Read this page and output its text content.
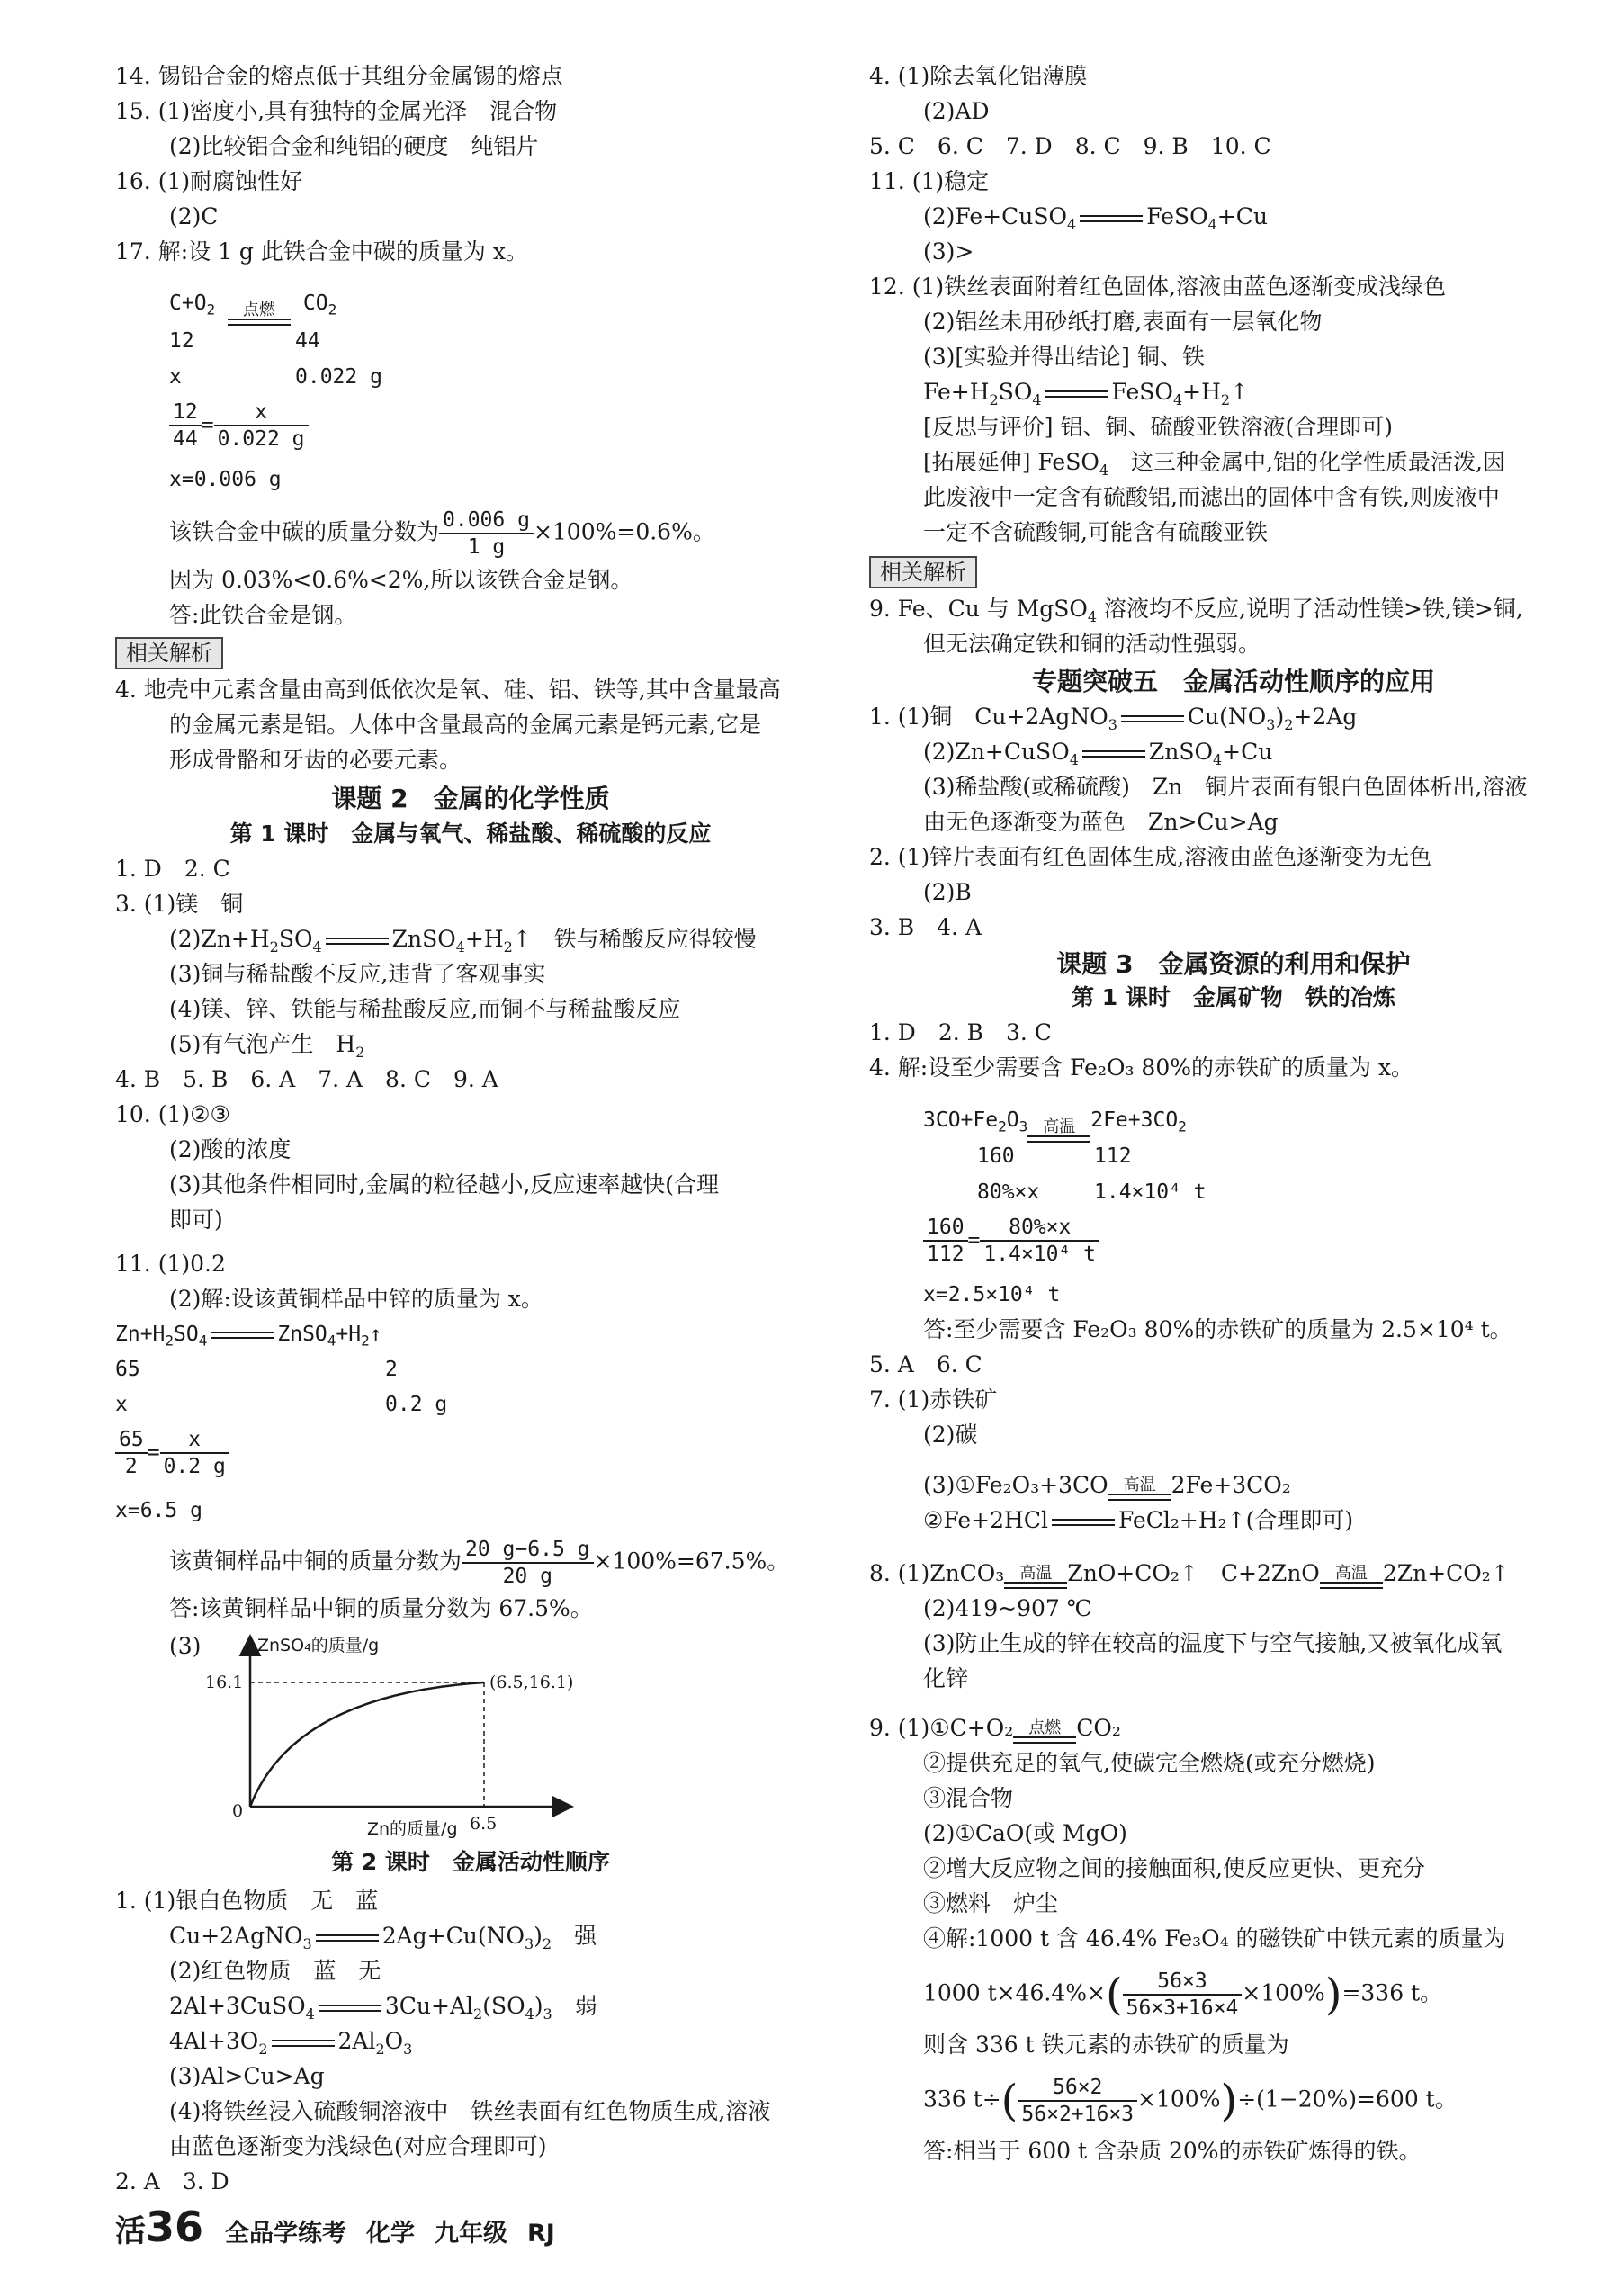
14. 锡铅合金的熔点低于其组分金属锡的熔点
15. (1)密度小,具有独特的金属光泽　混合物
(2)比较铝合金和纯铝的硬度　纯铝片
16. (1)耐腐蚀性好
(2)C
17. 解:设 1 g 此铁合金中碳的质量为 x。
$C+O_2$	点燃	$CO_2$
12	44
x	0.022 g
$\frac{12}{44} = \frac{x}{0.022 g}$
x=0.006 g
该铁合金中碳的质量分数为 $\frac{0.006 g}{1 g} \times 100\%=0.6\%$。
因为 0.03%<0.6%<2%,所以该铁合金是钢。
答:此铁合金是钢。
相关解析
4. 地壳中元素含量由高到低依次是氧、硅、铝、铁等,其中含量最高
的金属元素是铝。人体中含量最高的金属元素是钙元素,它是
形成骨骼和牙齿的必要元素。
课题 2　金属的化学性质
第 1 课时　金属与氧气、稀盐酸、稀硫酸的反应
1. D　2. C
3. (1)镁　铜
$(2)Zn+H_2SO_4$	$ZnSO_4+H_2↑$　铁与稀酸反应得较慢
(3)铜与稀盐酸不反应,违背了客观事实
(4)镁、锌、铁能与稀盐酸反应,而铜不与稀盐酸反应
(5)有气泡产生　$H_2$
4. B　5. B　6. A　7. A　8. C　9. A
10. (1)②③
(2)酸的浓度
(3)其他条件相同时,金属的粒径越小,反应速率越快(合理
即可)
11. (1)0.2
(2)解:设该黄铜样品中锌的质量为 x。
$Zn+H_2SO_4$	$ZnSO_4+H_2↑$
65	2
x	0.2 g
$\frac{65}{2} = \frac{x}{0.2 g}$
x=6.5 g
该黄铜样品中铜的质量分数为 $\frac{20 g-6.5 g}{20 g} \times 100\%=67.5\%$。
答:该黄铜样品中铜的质量分数为 67.5%。
(3)	ZnSO₄的质量/g
Zn的质量/g
0
16.1
6.5
(6.5,16.1)
第 2 课时　金属活动性顺序
1. (1)银白色物质　无　蓝
Cu+2AgNO$_3$	$2Ag+Cu(NO_3)_2$　 强
(2)红色物质　蓝　无
2Al+3CuSO$_4$	$3Cu+Al_2(SO_4)_3$　 弱
$4Al+3O_2$	$2Al_2O_3$
(3)Al>Cu>Ag
(4)将铁丝浸入硫酸铜溶液中　铁丝表面有红色物质生成,溶液
由蓝色逐渐变为浅绿色(对应合理即可)
2. A　3. D
4. (1)除去氧化铝薄膜
(2)AD
5. C　6. C　7. D　8. C　9. B　10. C
11. (1)稳定
(2)Fe+CuSO$_4$	FeSO$_4$+Cu
(3)>
12. (1)铁丝表面附着红色固体,溶液由蓝色逐渐变成浅绿色
(2)铝丝未用砂纸打磨,表面有一层氧化物
(3)[实验并得出结论] 铜、铁
$Fe+H_2SO_4$	$FeSO_4+H_2↑$
[反思与评价] 铝、铜、硫酸亚铁溶液(合理即可)
[拓展延伸] FeSO$_4$　这三种金属中,铝的化学性质最活泼,因
此废液中一定含有硫酸铝,而滤出的固体中含有铁,则废液中
一定不含硫酸铜,可能含有硫酸亚铁
相关解析
9. Fe、Cu 与 MgSO$_4$ 溶液均不反应,说明了活动性镁>铁,镁>铜,
但无法确定铁和铜的活动性强弱。
专题突破五　金属活动性顺序的应用
1. (1)铜　Cu+2AgNO$_3$	$Cu(NO_3)_2+2Ag$
(2)Zn+CuSO$_4$	ZnSO$_4$+Cu
(3)稀盐酸(或稀硫酸)　Zn　铜片表面有银白色固体析出,溶液
由无色逐渐变为蓝色　Zn>Cu>Ag
2. (1)锌片表面有红色固体生成,溶液由蓝色逐渐变为无色
(2)B
3. B　4. A
课题 3　金属资源的利用和保护
第 1 课时　金属矿物　铁的冶炼
1. D　2. B　3. C
4. 解:设至少需要含 Fe₂O₃ 80%的赤铁矿的质量为 x。
$3CO+Fe_2O_3$ 高温 $2Fe+3CO_2$
160	112
80%×x	1.4×10⁴ t
$\frac{160}{112} = \frac{80\%\times x}{\text{1.4×10⁴ t}}$
x=2.5×10⁴ t
答:至少需要含 Fe₂O₃ 80%的赤铁矿的质量为 2.5×10⁴ t。
5. A　6. C
7. (1)赤铁矿
(2)碳
(3)①Fe₂O₃+3CO 高温 2Fe+3CO₂
②Fe+2HCl	FeCl₂+H₂↑(合理即可)
8. (1)ZnCO₃ 高温 ZnO+CO₂↑　C+2ZnO 高温 2Zn+CO₂↑
(2)419~907 ℃
(3)防止生成的锌在较高的温度下与空气接触,又被氧化成氧
化锌
9. (1)①C+O₂ 点燃 CO₂
②提供充足的氧气,使碳完全燃烧(或充分燃烧)
③混合物
(2)①CaO(或 MgO)
②增大反应物之间的接触面积,使反应更快、更充分
③燃料　炉尘
④解:1000 t 含 46.4% Fe₃O₄ 的磁铁矿中铁元素的质量为
1000 $t\times 46.4\%\times( \frac{56\times 3}{56\times 3+16\times 4} \times 100\%)=336$ t。
则含 336 t 铁元素的赤铁矿的质量为
336 $t\div( \frac{56\times 2}{56\times 2+16\times 3} \times 100\%)\div(1-20\%)=600$ t。
答:相当于 600 t 含杂质 20%的赤铁矿炼得的铁。
活36 全品学练考 化学 九年级 RJ
